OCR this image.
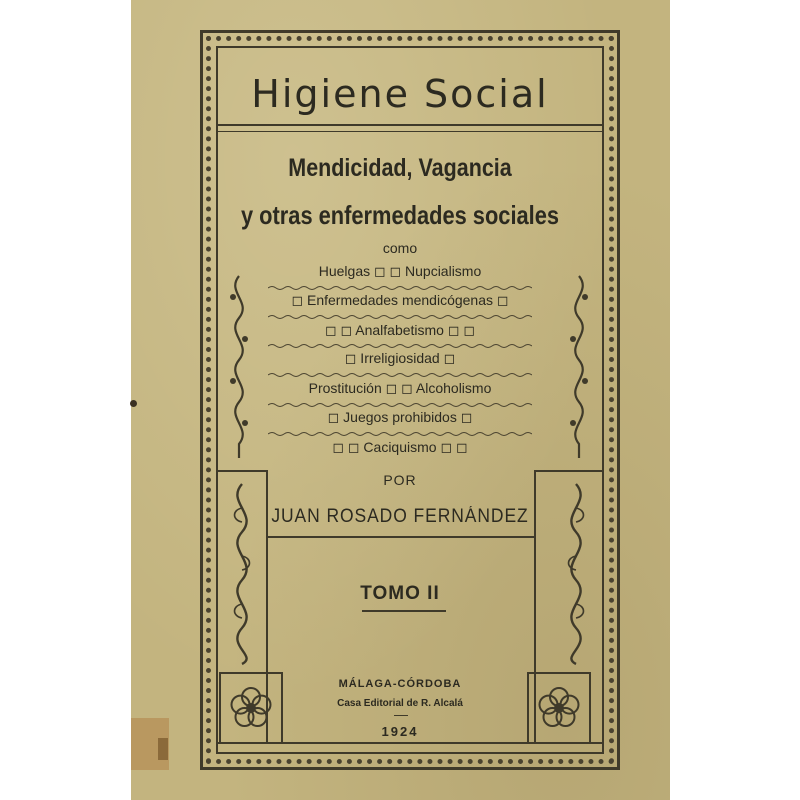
Higiene Social
Mendicidad, Vagancia
y otras enfermedades sociales
como
Huelgas ◻ ◻ Nupcialismo
◻ Enfermedades mendicógenas ◻
◻ ◻ Analfabetismo ◻ ◻
◻ Irreligiosidad ◻
Prostitución ◻ ◻ Alcoholismo
◻ Juegos prohibidos ◻
◻ ◻ Caciquismo ◻ ◻
POR
JUAN ROSADO FERNÁNDEZ
TOMO II
MÁLAGA-CÓRDOBA
Casa Editorial de R. Alcalá
1924
